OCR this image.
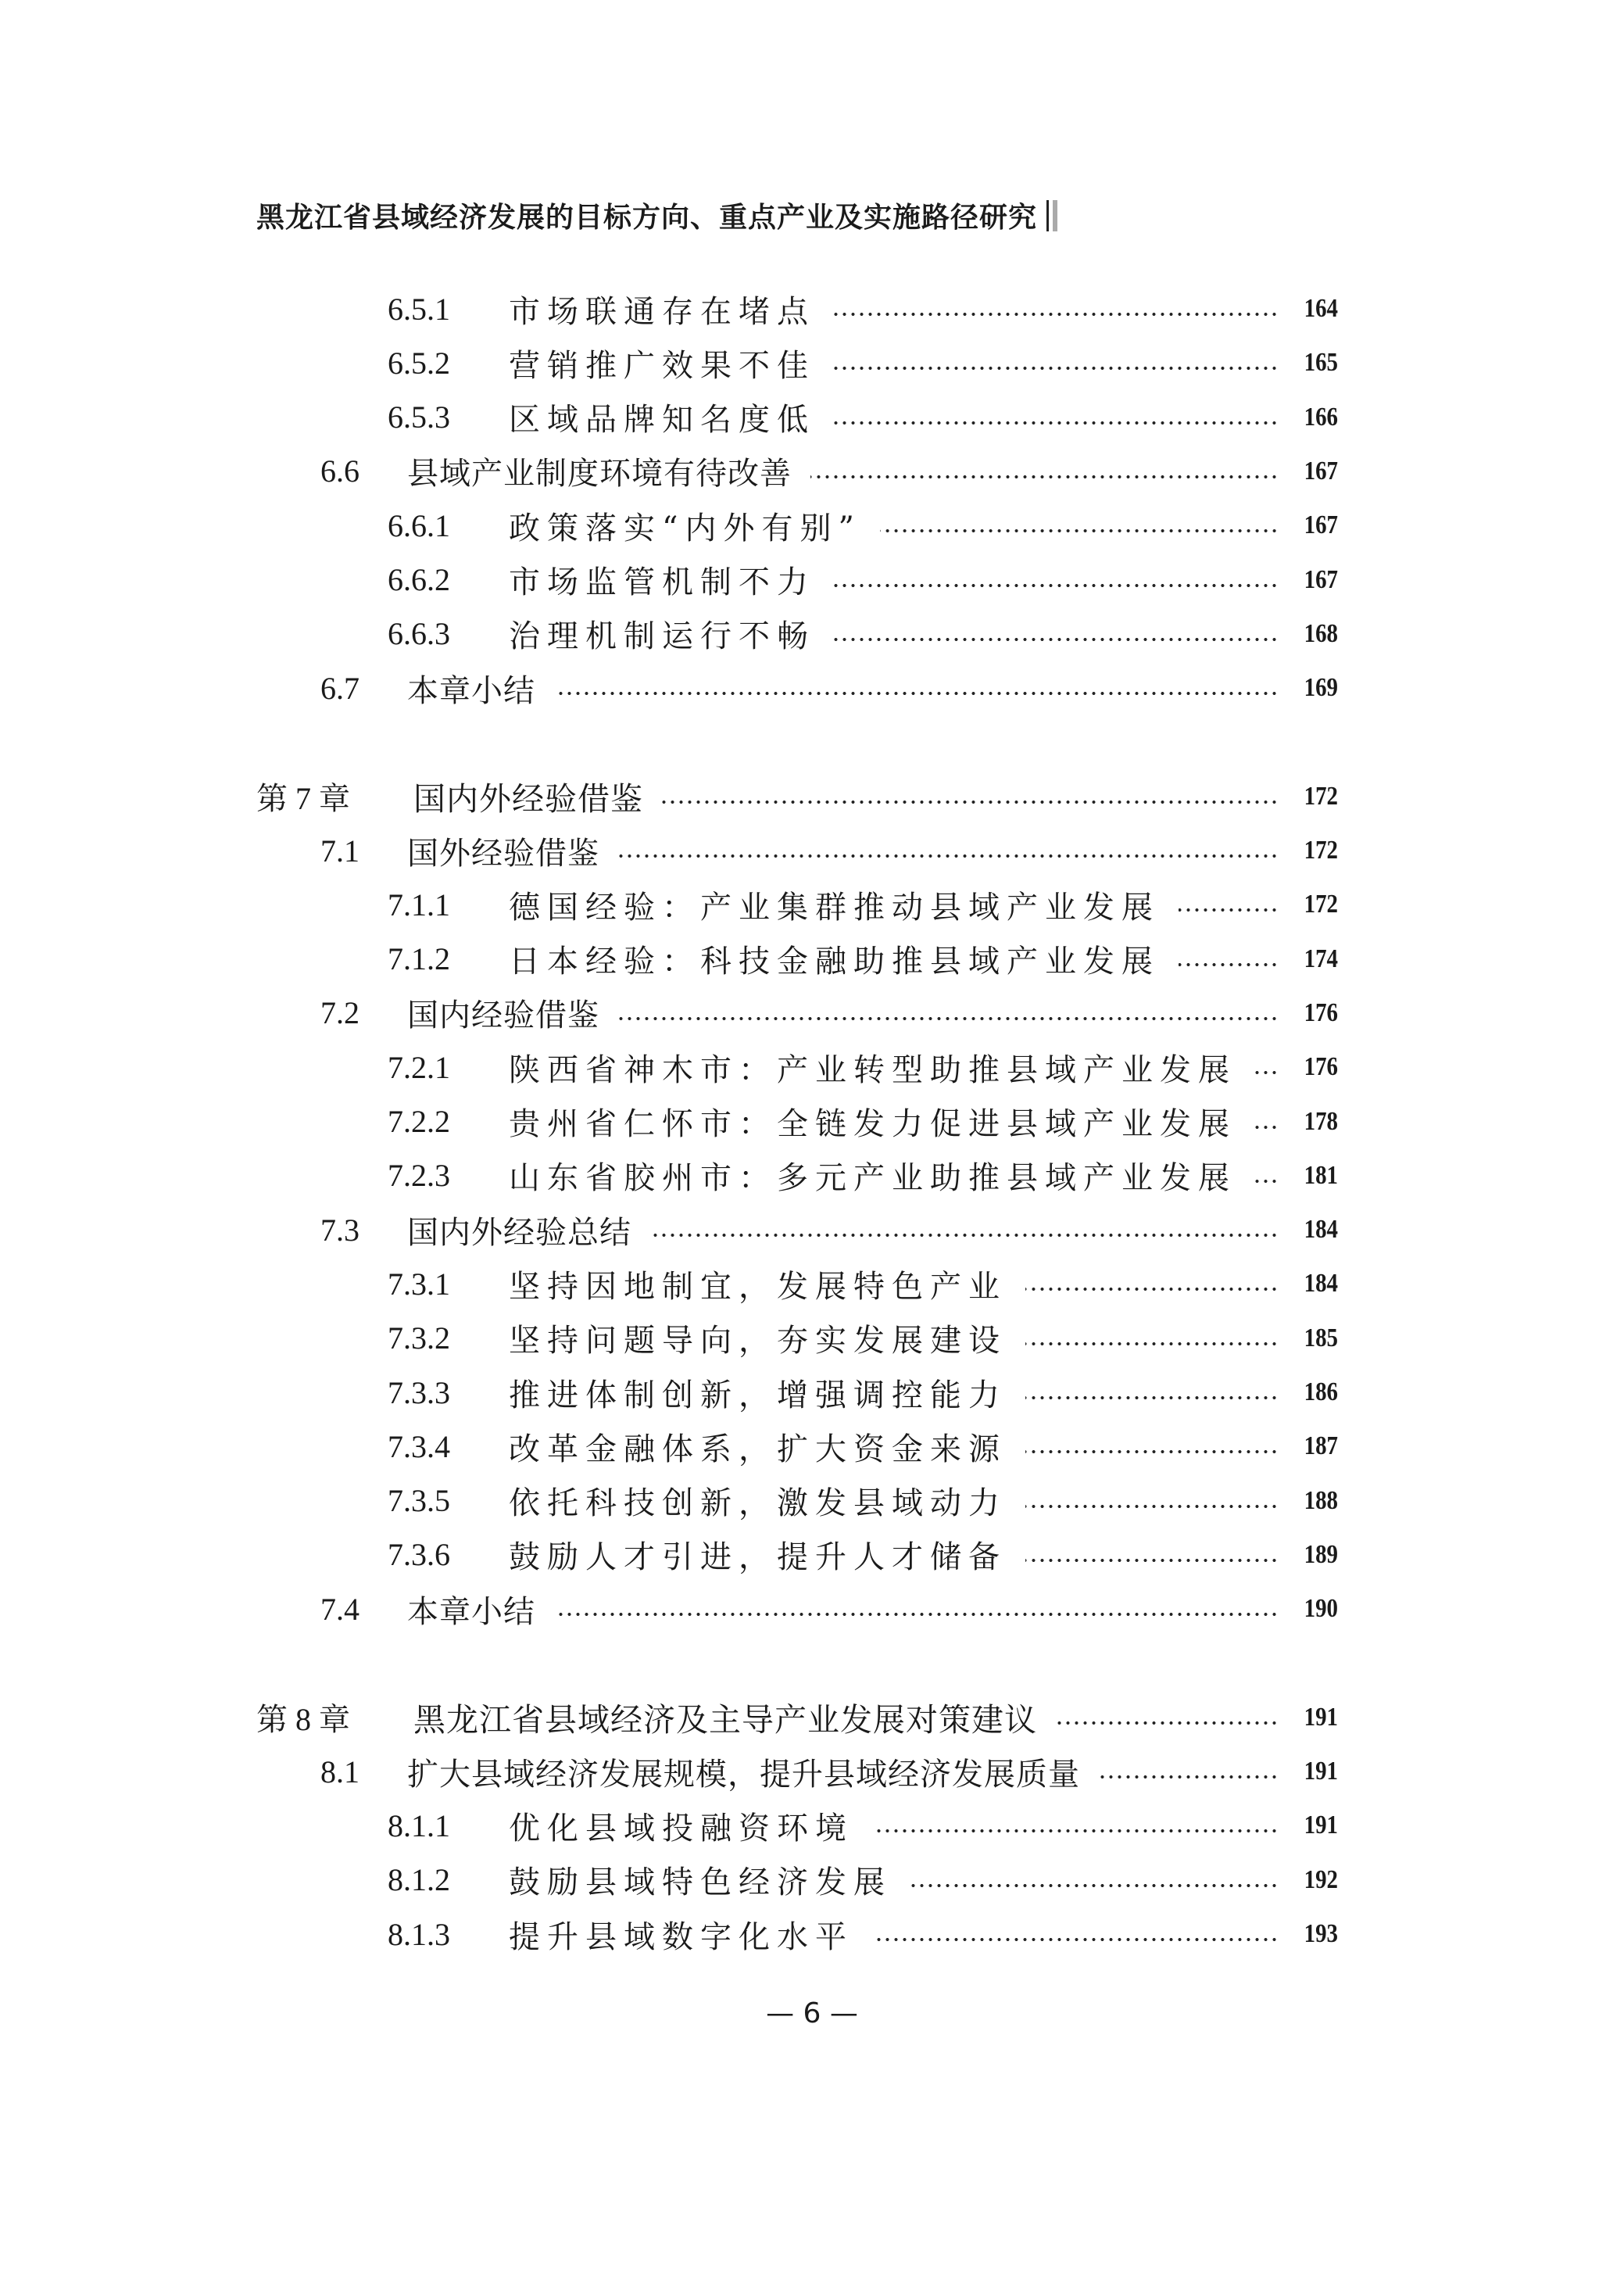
黑龙江省县域经济发展的目标方向、重点产业及实施路径研究
6.5.1 市场联通存在堵点	164
6.5.2 营销推广效果不佳	165
6.5.3 区域品牌知名度低	166
6.6 县域产业制度环境有待改善	167
6.6.1 政策落实“内外有别”	167
6.6.2 市场监管机制不力	167
6.6.3 治理机制运行不畅	168
6.7 本章小结	169
第 7 章 国内外经验借鉴	172
7.1 国外经验借鉴	172
7.1.1 德国经验：产业集群推动县域产业发展	172
7.1.2 日本经验：科技金融助推县域产业发展	174
7.2 国内经验借鉴	176
7.2.1 陕西省神木市：产业转型助推县域产业发展	176
7.2.2 贵州省仁怀市：全链发力促进县域产业发展	178
7.2.3 山东省胶州市：多元产业助推县域产业发展	181
7.3 国内外经验总结	184
7.3.1 坚持因地制宜，发展特色产业	184
7.3.2 坚持问题导向，夯实发展建设	185
7.3.3 推进体制创新，增强调控能力	186
7.3.4 改革金融体系，扩大资金来源	187
7.3.5 依托科技创新，激发县域动力	188
7.3.6 鼓励人才引进，提升人才储备	189
7.4 本章小结	190
第 8 章 黑龙江省县域经济及主导产业发展对策建议	191
8.1 扩大县域经济发展规模，提升县域经济发展质量	191
8.1.1 优化县域投融资环境	191
8.1.2 鼓励县域特色经济发展	192
8.1.3 提升县域数字化水平	193
— 6 —
